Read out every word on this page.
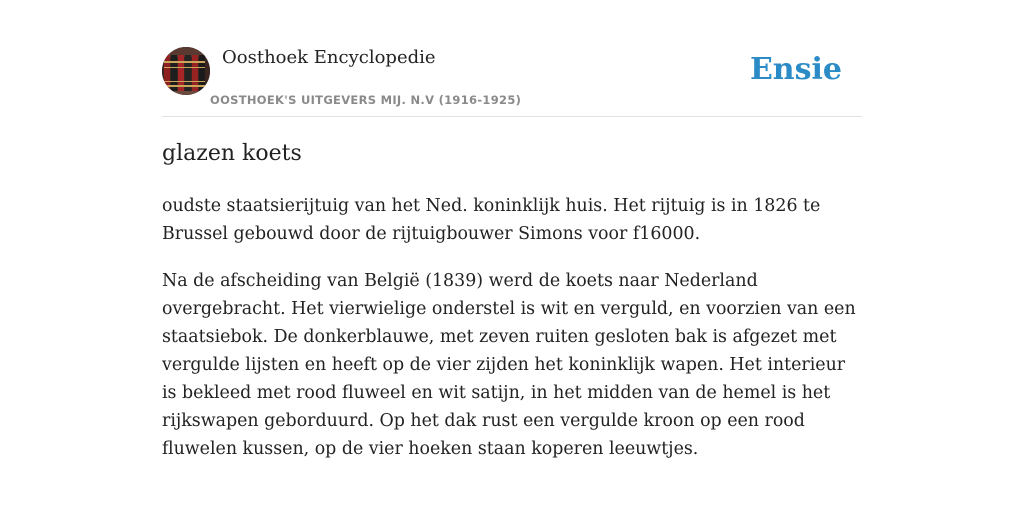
Oosthoek Encyclopedie
OOSTHOEK'S UITGEVERS MIJ. N.V (1916-1925)
Ensie
glazen koets

oudste staatsierijtuig van het Ned. koninklijk huis. Het rijtuig is in 1826 te Brussel gebouwd door de rijtuigbouwer Simons voor f16000.

Na de afscheiding van België (1839) werd de koets naar Nederland overgebracht. Het vierwielige onderstel is wit en verguld, en voorzien van een staatsiebok. De donkerblauwe, met zeven ruiten gesloten bak is afgezet met vergulde lijsten en heeft op de vier zijden het koninklijk wapen. Het interieur is bekleed met rood fluweel en wit satijn, in het midden van de hemel is het rijkswapen geborduurd. Op het dak rust een vergulde kroon op een rood fluwelen kussen, op de vier hoeken staan koperen leeuwtjes.
